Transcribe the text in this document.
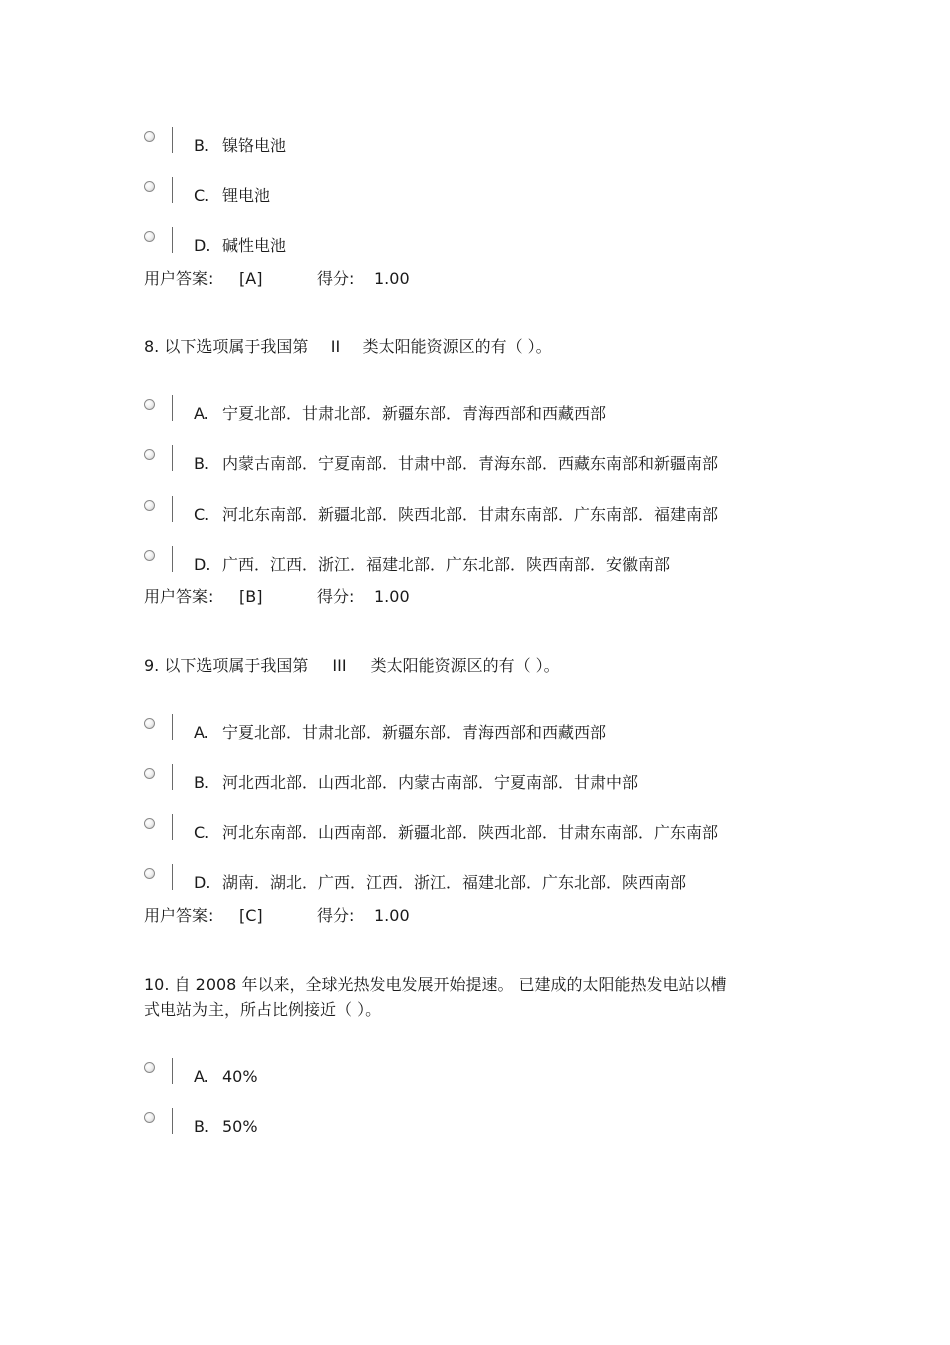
B. 镍铬电池
C. 锂电池
D. 碱性电池
用户答案: [A]	得分: 1.00
8. 以下选项属于我国第 II 类太阳能资源区的有（ ）。
A. 宁夏北部．甘肃北部．新疆东部．青海西部和西藏西部
B. 内蒙古南部．宁夏南部．甘肃中部．青海东部．西藏东南部和新疆南部
C. 河北东南部．新疆北部．陕西北部．甘肃东南部．广东南部．福建南部
D. 广西．江西．浙江．福建北部．广东北部．陕西南部．安徽南部
用户答案: [B]	得分: 1.00
9. 以下选项属于我国第 III 类太阳能资源区的有（ ）。
A. 宁夏北部．甘肃北部．新疆东部．青海西部和西藏西部
B. 河北西北部．山西北部．内蒙古南部．宁夏南部．甘肃中部
C. 河北东南部．山西南部．新疆北部．陕西北部．甘肃东南部．广东南部
D. 湖南．湖北．广西．江西．浙江．福建北部．广东北部．陕西南部
用户答案: [C]	得分: 1.00
10. 自 2008 年以来，全球光热发电发展开始提速。 已建成的太阳能热发电站以槽
式电站为主，所占比例接近（ ）。
A. 40%
B. 50%
